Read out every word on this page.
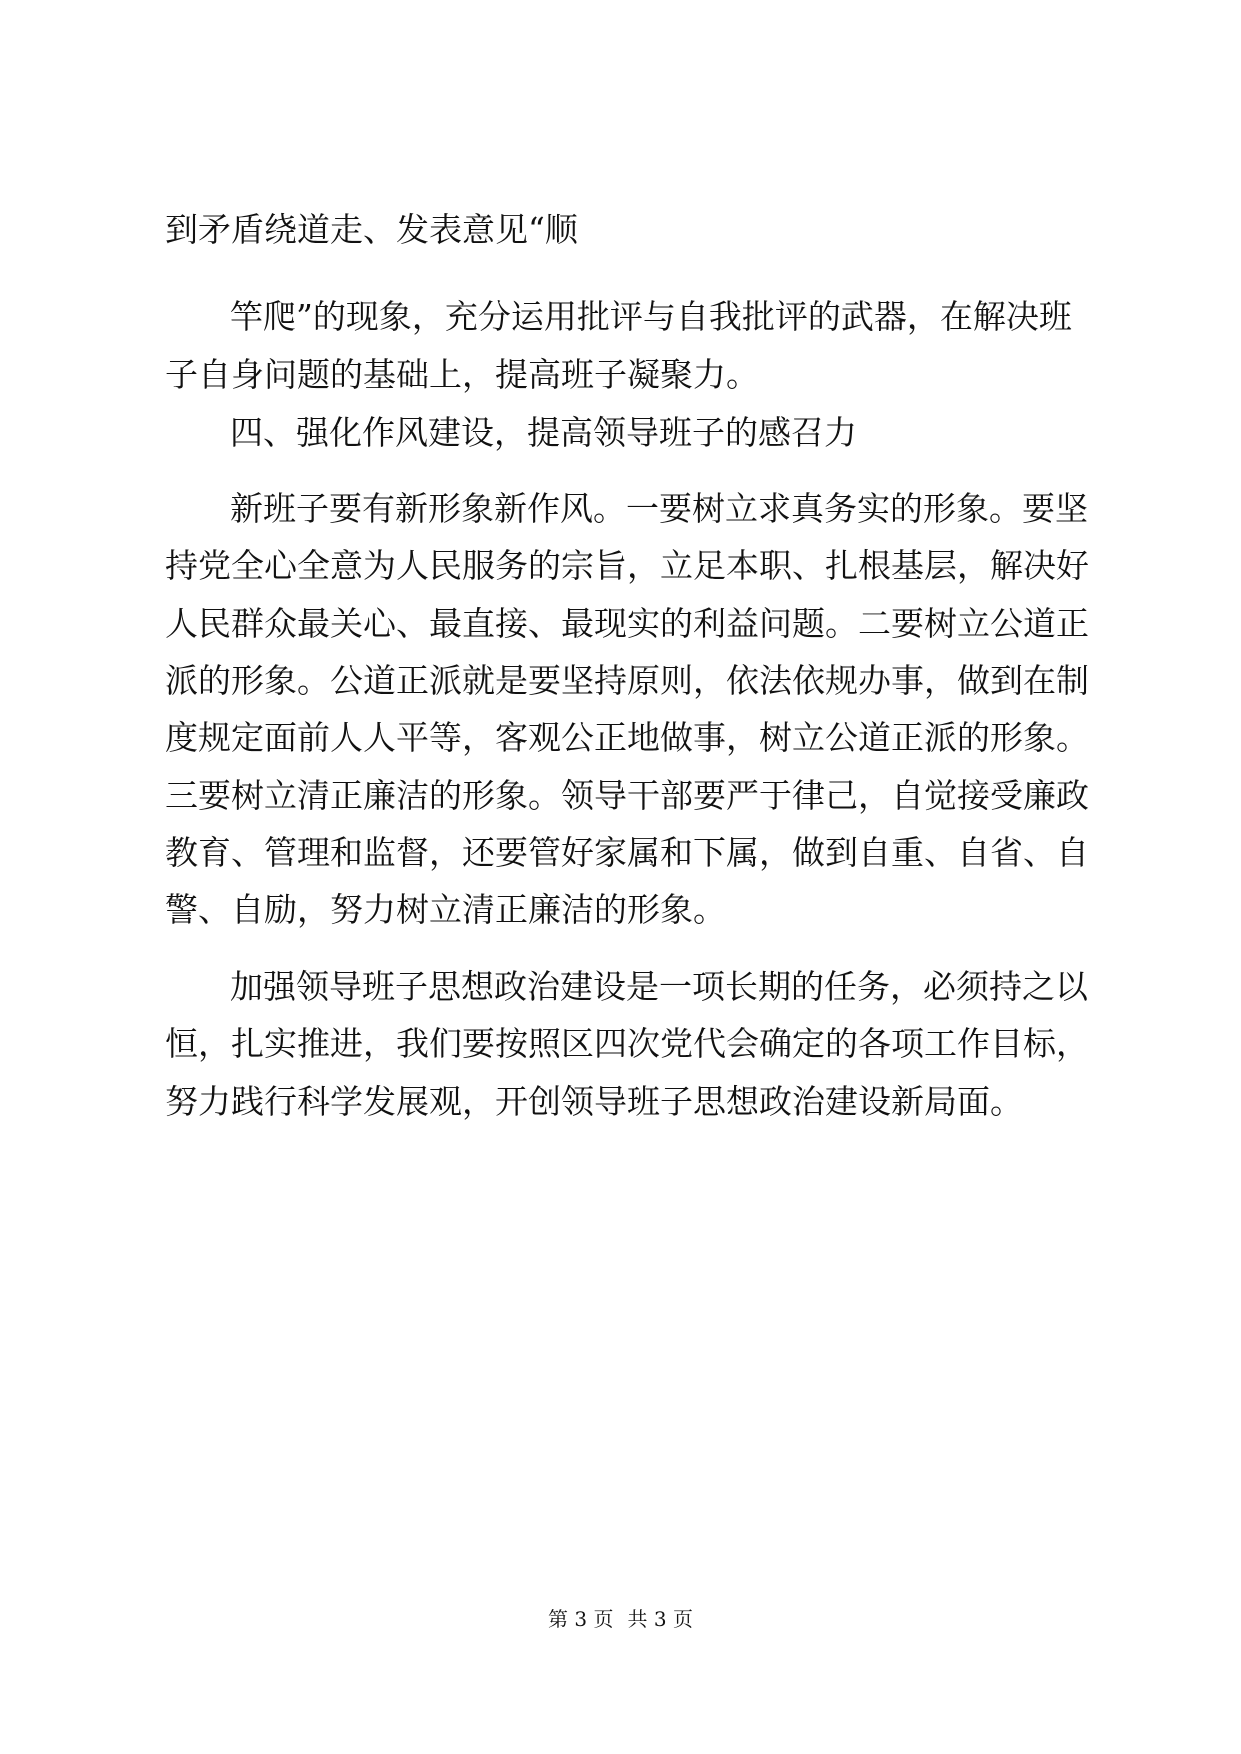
到矛盾绕道走、发表意见“顺
竿爬”的现象，充分运用批评与自我批评的武器，在解决班
子自身问题的基础上，提高班子凝聚力。
四、强化作风建设，提高领导班子的感召力
新班子要有新形象新作风。一要树立求真务实的形象。要坚
持党全心全意为人民服务的宗旨，立足本职、扎根基层，解决好
人民群众最关心、最直接、最现实的利益问题。二要树立公道正
派的形象。公道正派就是要坚持原则，依法依规办事，做到在制
度规定面前人人平等，客观公正地做事，树立公道正派的形象。
三要树立清正廉洁的形象。领导干部要严于律己，自觉接受廉政
教育、管理和监督，还要管好家属和下属，做到自重、自省、自
警、自励，努力树立清正廉洁的形象。
加强领导班子思想政治建设是一项长期的任务，必须持之以
恒，扎实推进，我们要按照区四次党代会确定的各项工作目标，
努力践行科学发展观，开创领导班子思想政治建设新局面。
第 3 页 共 3 页
